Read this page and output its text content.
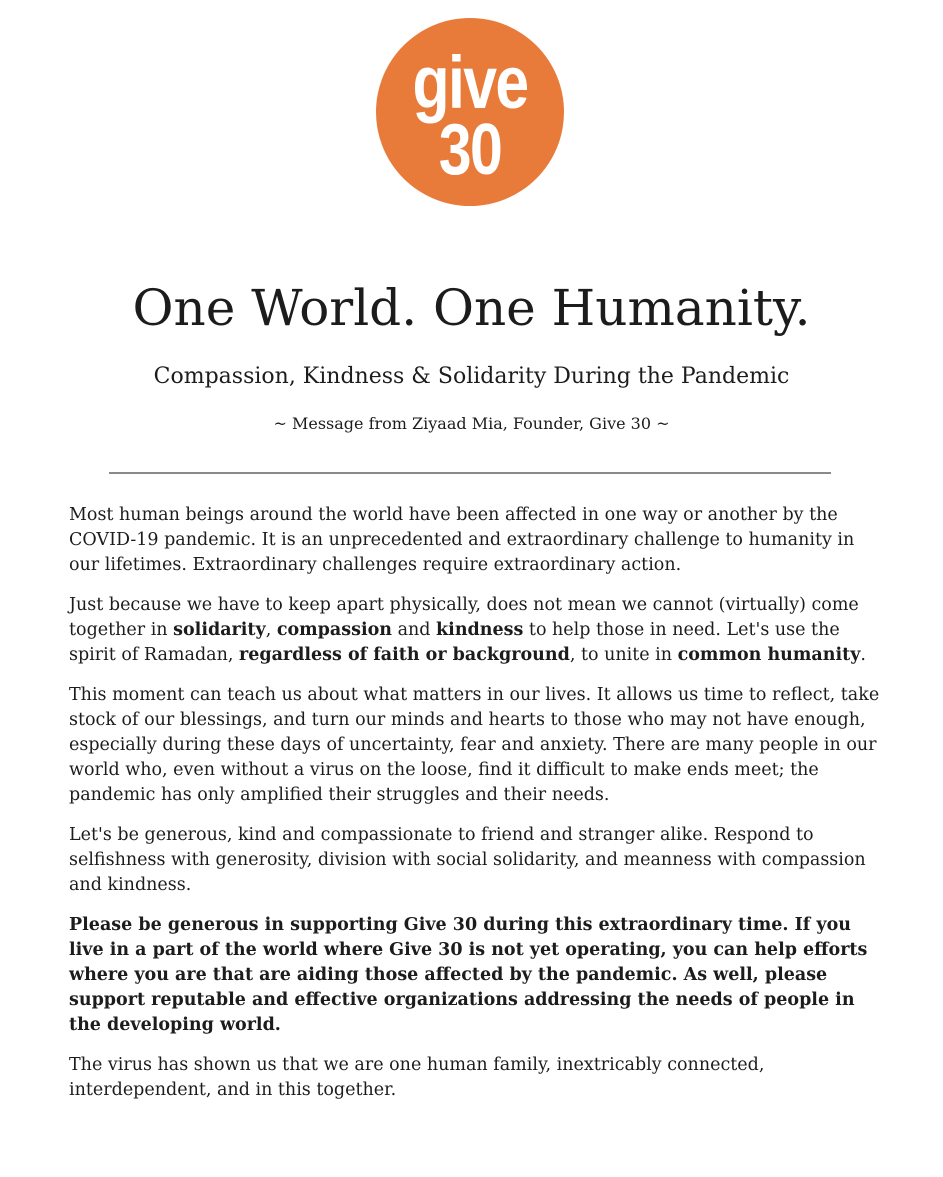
give
30
One World. One Humanity.
Compassion, Kindness & Solidarity During the Pandemic
~ Message from Ziyaad Mia, Founder, Give 30 ~

Most human beings around the world have been affected in one way or another by the COVID-19 pandemic. It is an unprecedented and extraordinary challenge to humanity in our lifetimes. Extraordinary challenges require extraordinary action.

Just because we have to keep apart physically, does not mean we cannot (virtually) come together in solidarity, compassion and kindness to help those in need. Let's use the spirit of Ramadan, regardless of faith or background, to unite in common humanity.

This moment can teach us about what matters in our lives. It allows us time to reflect, take stock of our blessings, and turn our minds and hearts to those who may not have enough, especially during these days of uncertainty, fear and anxiety. There are many people in our world who, even without a virus on the loose, find it difficult to make ends meet; the pandemic has only amplified their struggles and their needs.

Let's be generous, kind and compassionate to friend and stranger alike. Respond to selfishness with generosity, division with social solidarity, and meanness with compassion and kindness.

Please be generous in supporting Give 30 during this extraordinary time. If you live in a part of the world where Give 30 is not yet operating, you can help efforts where you are that are aiding those affected by the pandemic. As well, please support reputable and effective organizations addressing the needs of people in the developing world.

The virus has shown us that we are one human family, inextricably connected, interdependent, and in this together.
